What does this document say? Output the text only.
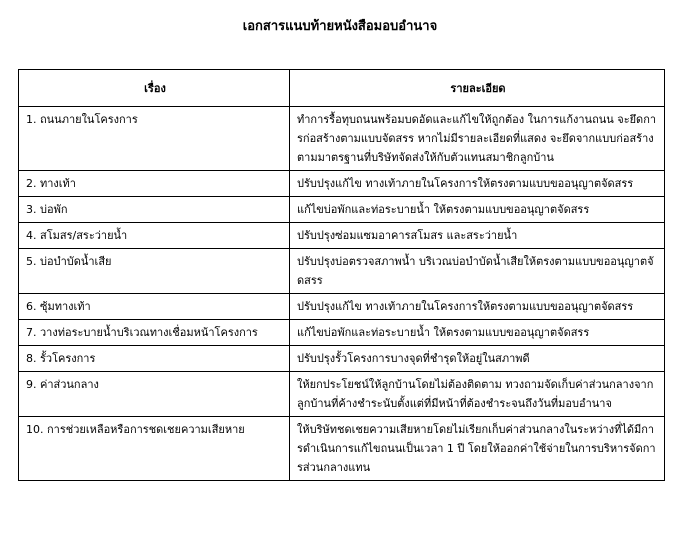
เอกสารแนบท้ายหนังสือมอบอำนาจ
เรื่อง	รายละเอียด
1. ถนนภายในโครงการ	ทำการรื้อทุบถนนพร้อมบดอัดและแก้ไขให้ถูกต้อง ในการแก้งานถนน จะยึดการก่อสร้างตามแบบจัดสรร หากไม่มีรายละเอียดที่แสดง จะยึดจากแบบก่อสร้าง ตามมาตรฐานที่บริษัทจัดส่งให้กับตัวแทนสมาชิกลูกบ้าน
2. ทางเท้า	ปรับปรุงแก้ไข ทางเท้าภายในโครงการให้ตรงตามแบบขออนุญาตจัดสรร
3. บ่อพัก	แก้ไขบ่อพักและท่อระบายน้ำ ให้ตรงตามแบบขออนุญาตจัดสรร
4. สโมสร/สระว่ายน้ำ	ปรับปรุงซ่อมแซมอาคารสโมสร และสระว่ายน้ำ
5. บ่อบำบัดน้ำเสีย	ปรับปรุงบ่อตรวจสภาพน้ำ บริเวณบ่อบำบัดน้ำเสียให้ตรงตามแบบขออนุญาตจัดสรร
6. ซุ้มทางเท้า	ปรับปรุงแก้ไข ทางเท้าภายในโครงการให้ตรงตามแบบขออนุญาตจัดสรร
7. วางท่อระบายน้ำบริเวณทางเชื่อมหน้าโครงการ	แก้ไขบ่อพักและท่อระบายน้ำ ให้ตรงตามแบบขออนุญาตจัดสรร
8. รั้วโครงการ	ปรับปรุงรั้วโครงการบางจุดที่ชำรุดให้อยู่ในสภาพดี
9. ค่าส่วนกลาง	ให้ยกประโยชน์ให้ลูกบ้านโดยไม่ต้องติดตาม ทวงถามจัดเก็บค่าส่วนกลางจากลูกบ้านที่ค้างชำระนับตั้งแต่ที่มีหน้าที่ต้องชำระจนถึงวันที่มอบอำนาจ
10. การช่วยเหลือหรือการชดเชยความเสียหาย	ให้บริษัทชดเชยความเสียหายโดยไม่เรียกเก็บค่าส่วนกลางในระหว่างที่ได้มีการดำเนินการแก้ไขถนนเป็นเวลา 1 ปี โดยให้ออกค่าใช้จ่ายในการบริหารจัดการส่วนกลางแทน
